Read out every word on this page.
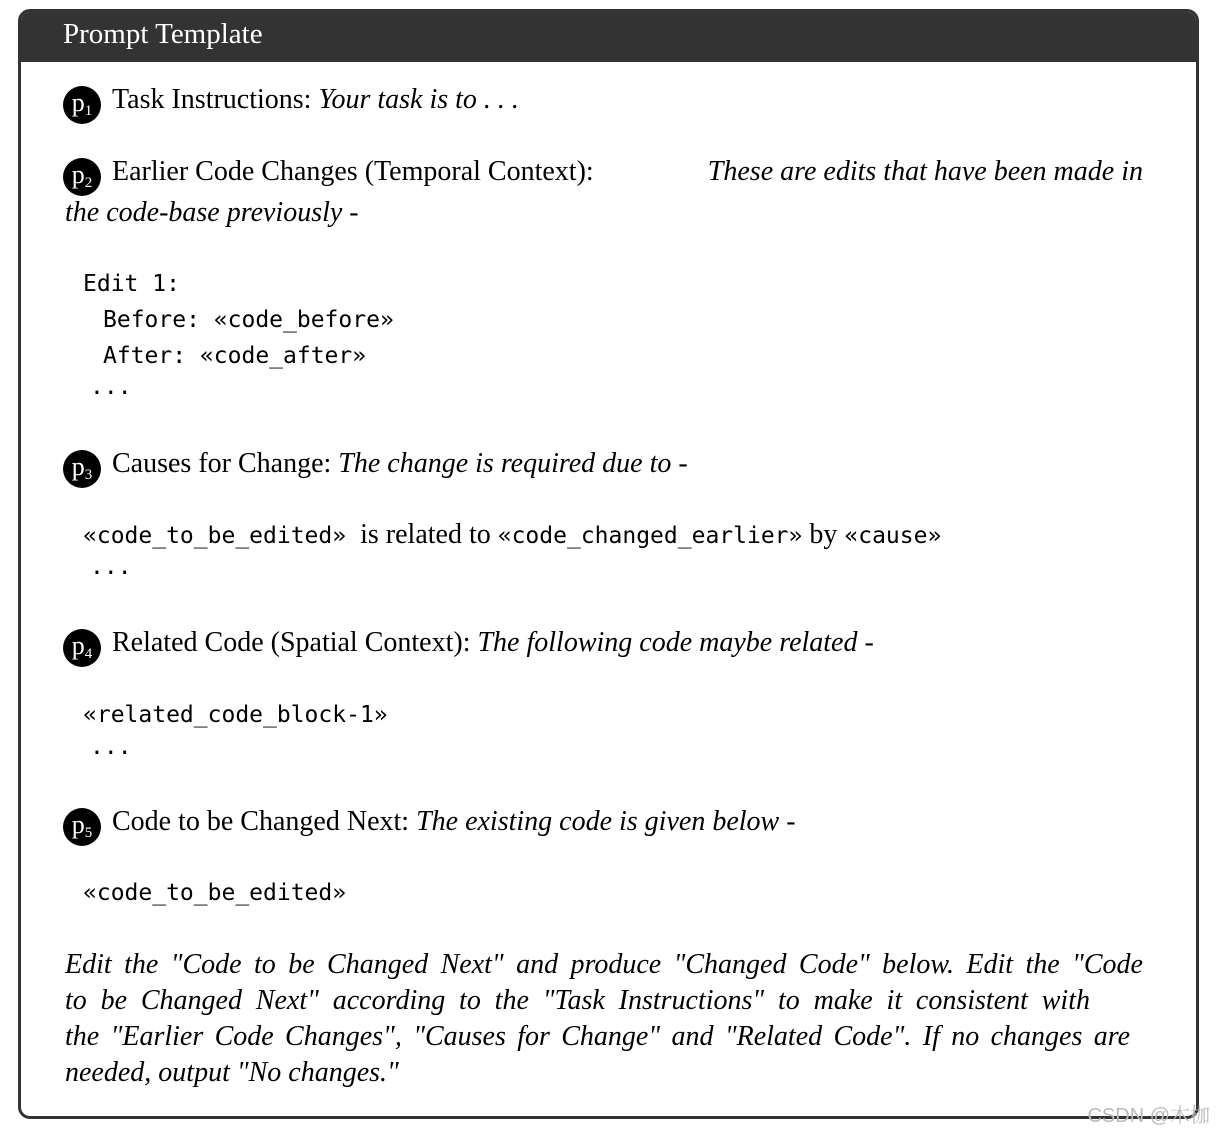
Prompt Template
$p_1$ Task Instructions: Your task is to . . .
$p_2$ Earlier Code Changes (Temporal Context):	These are edits that have been made in
the code-base previously -
Edit 1:
Before: «code_before»
After: «code_after»
...
$p_3$ Causes for Change: The change is required due to -
«code_to_be_edited» is related to «code_changed_earlier» by «cause»
...
$p_4$ Related Code (Spatial Context): The following code maybe related -
«related_code_block-1»
...
$p_5$ Code to be Changed Next: The existing code is given below -
«code_to_be_edited»
Edit the "Code to be Changed Next" and produce "Changed Code" below. Edit the "Code
to be Changed Next" according to the "Task Instructions" to make it consistent with
the "Earlier Code Changes", "Causes for Change" and "Related Code". If no changes are
needed, output "No changes."
CSDN @木枷
